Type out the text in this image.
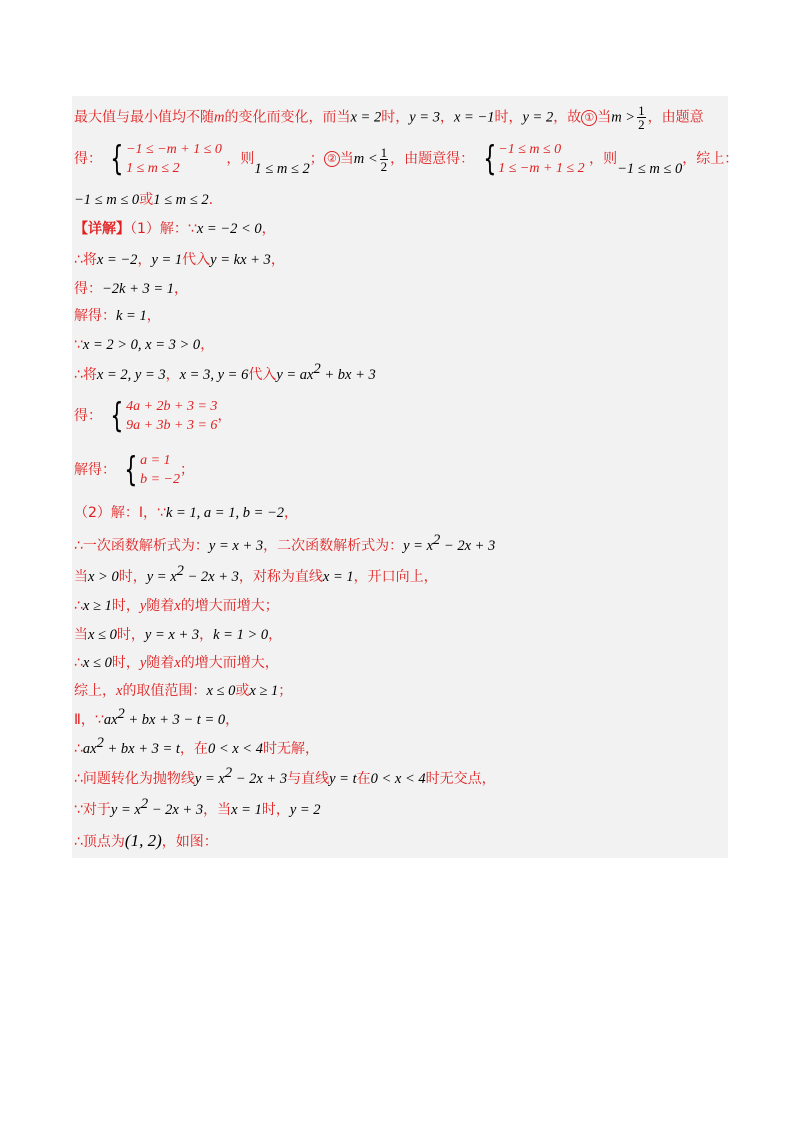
最大值与最小值均不随m的变化而变化，而当x = 2时，y = 3，x = −1时，y = 2，故 ① 当$m > \frac{1}{2}$ ，由题意
得： { −1 ≤ −m + 1 ≤ 0
1 ≤ m ≤ 2
，则1 ≤ m ≤ 2； ② 当$m < \frac{1}{2}$ ，由题意得： { −1 ≤ m ≤ 0
1 ≤ −m + 1 ≤ 2
，则−1 ≤ m ≤ 0，综上：
−1 ≤ m ≤ 0或1 ≤ m ≤ 2.
【详解】（1）解：∵x = −2 < 0，
∴将x = −2，y = 1代入y = kx + 3，
得：−2k + 3 = 1，
解得：k = 1，
∵x = 2 > 0, x = 3 > 0，
∴将x = 2, y = 3，x = 3, y = 6代入$y = ax^2$ + bx + 3
得： { 4a + 2b + 3 = 3
9a + 3b + 3 = 6
，
解得： { a = 1
b = −2
；
（2）解：Ⅰ，∵k = 1, a = 1, b = −2，
∴一次函数解析式为：y = x + 3，二次函数解析式为：$y = x^2 - 2x + 3$
当x > 0时，$y = x^2 - 2x + 3$，对称为直线x = 1，开口向上，
∴x ≥ 1时，y随着x的增大而增大；
当x ≤ 0时，y = x + 3，k = 1 > 0，
∴x ≤ 0时，y随着x的增大而增大，
综上，x的取值范围：x ≤ 0或x ≥ 1；
Ⅱ，$\because ax^2$ + bx + 3 − t = 0，
$\therefore ax^2$ + bx + 3 = t，在0 < x < 4时无解，
∴问题转化为抛物线$y = x^2 - 2x + 3$与直线y = t在0 < x < 4时无交点，
∵对于$y = x^2 - 2x + 3$，当x = 1时，y = 2
∴顶点为(1, 2)，如图：
